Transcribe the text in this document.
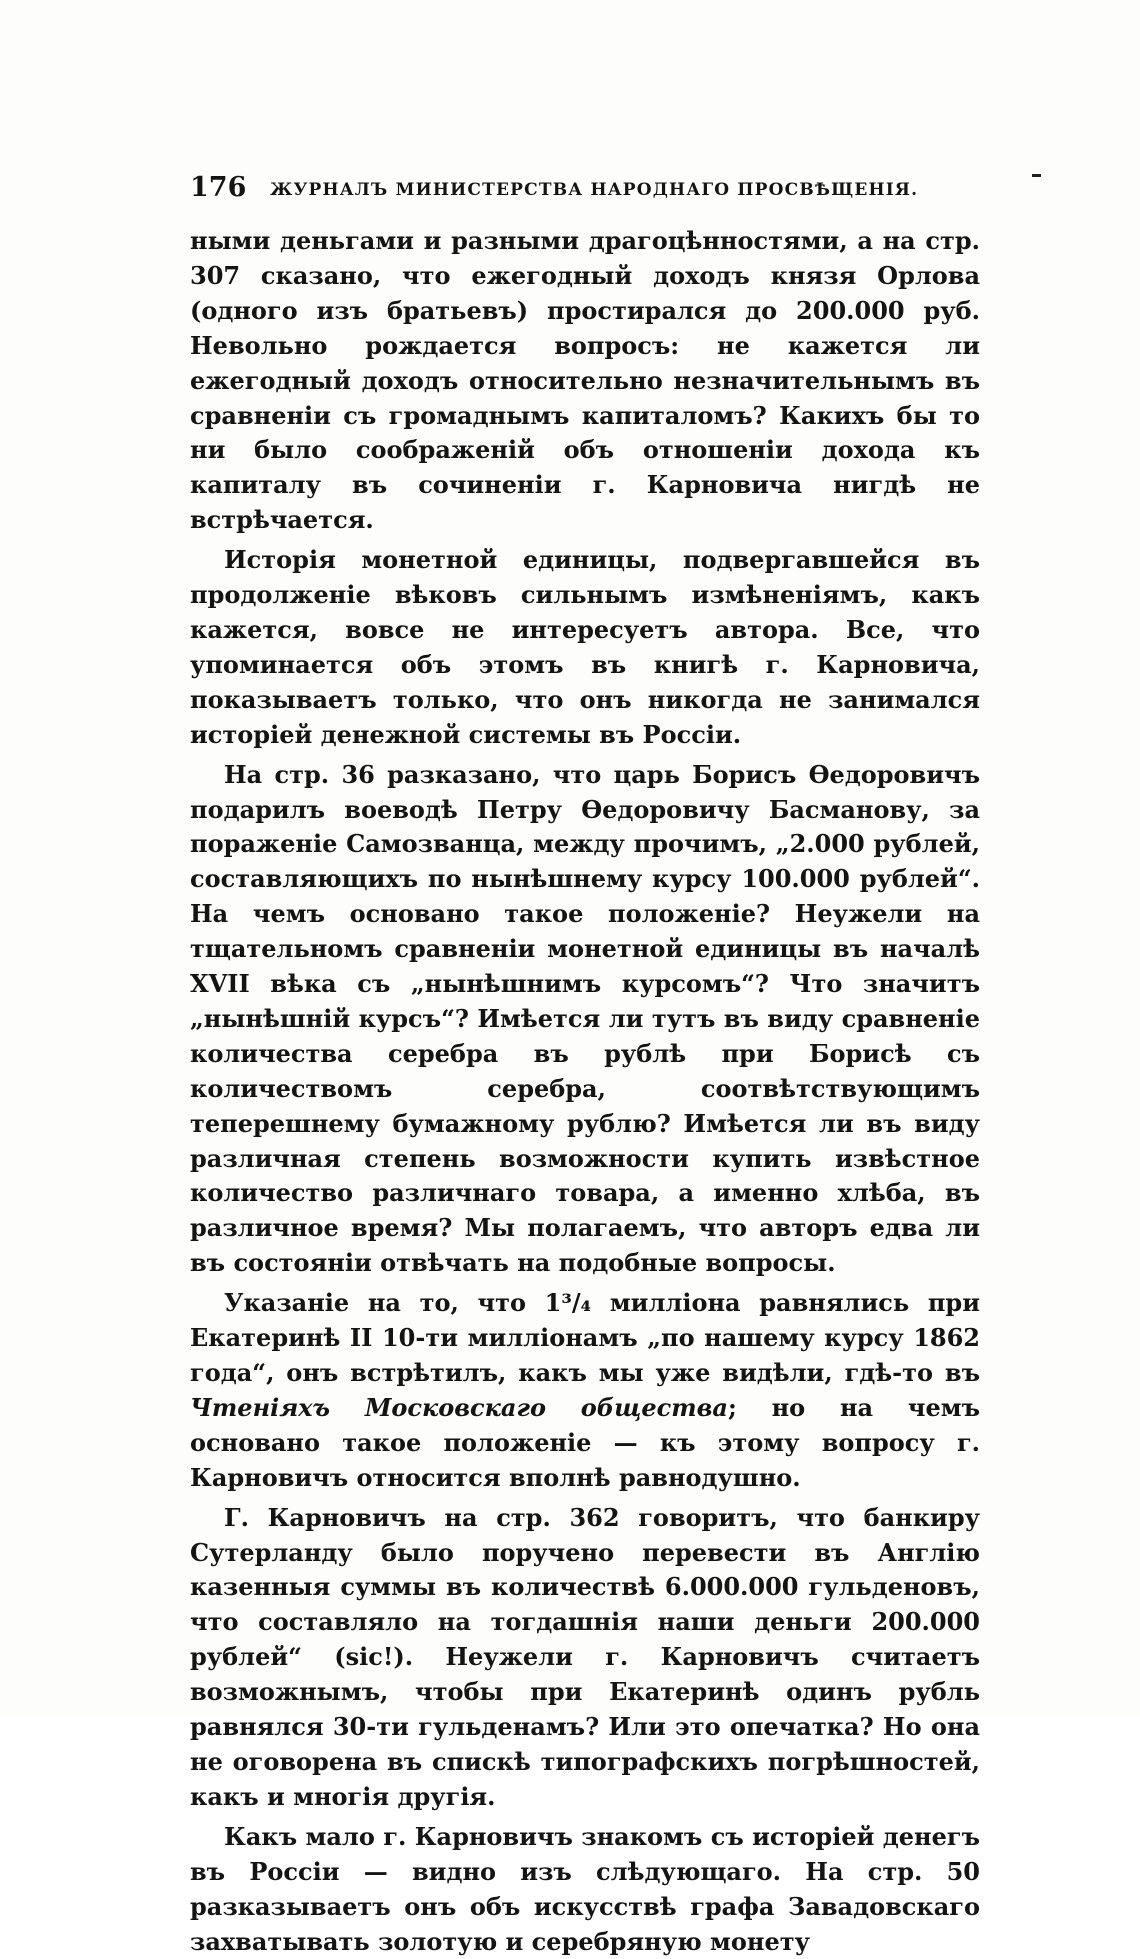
176 ЖУРНАЛЪ МИНИСТЕРСТВА НАРОДНАГО ПРОСВѢЩЕНІЯ.

ными деньгами и разными драгоцѣнностями, а на стр. 307 сказано, что ежегодный доходъ князя Орлова (одного изъ братьевъ) простирался до 200.000 руб. Невольно рождается вопросъ: не кажется ли ежегодный доходъ относительно незначительнымъ въ сравненіи съ громаднымъ капиталомъ? Какихъ бы то ни было соображеній объ отношеніи дохода къ капиталу въ сочиненіи г. Карновича нигдѣ не встрѣчается.

Исторія монетной единицы, подвергавшейся въ продолженіе вѣковъ сильнымъ измѣненіямъ, какъ кажется, вовсе не интересуетъ автора. Все, что упоминается объ этомъ въ книгѣ г. Карновича, показываетъ только, что онъ никогда не занимался исторіей денежной системы въ Россіи.

На стр. 36 разказано, что царь Борисъ Ѳедоровичъ подарилъ воеводѣ Петру Ѳедоровичу Басманову, за пораженіе Самозванца, между прочимъ, „2.000 рублей, составляющихъ по нынѣшнему курсу 100.000 рублей“. На чемъ основано такое положеніе? Неужели на тщательномъ сравненіи монетной единицы въ началѣ XVII вѣка съ „нынѣшнимъ курсомъ“? Что значитъ „нынѣшній курсъ“? Имѣется ли тутъ въ виду сравненіе количества серебра въ рублѣ при Борисѣ съ количествомъ серебра, соотвѣтствующимъ теперешнему бумажному рублю? Имѣется ли въ виду различная степень возможности купить извѣстное количество различнаго товара, а именно хлѣба, въ различное время? Мы полагаемъ, что авторъ едва ли въ состояніи отвѣчать на подобные вопросы.

Указаніе на то, что 1³/₄ милліона равнялись при Екатеринѣ II 10-ти милліонамъ „по нашему курсу 1862 года“, онъ встрѣтилъ, какъ мы уже видѣли, гдѣ-то въ Чтеніяхъ Московскаго общества; но на чемъ основано такое положеніе — къ этому вопросу г. Карновичъ относится вполнѣ равнодушно.

Г. Карновичъ на стр. 362 говоритъ, что банкиру Сутерланду было поручено перевести въ Англію казенныя суммы въ количествѣ 6.000.000 гульденовъ, что составляло на тогдашнія наши деньги 200.000 рублей“ (sic!). Неужели г. Карновичъ считаетъ возможнымъ, чтобы при Екатеринѣ одинъ рубль равнялся 30-ти гульденамъ? Или это опечатка? Но она не оговорена въ спискѣ типографскихъ погрѣшностей, какъ и многія другія.

Какъ мало г. Карновичъ знакомъ съ исторіей денегъ въ Россіи — видно изъ слѣдующаго. На стр. 50 разказываетъ онъ объ искусствѣ графа Завадовскаго захватывать золотую и серебряную монету
